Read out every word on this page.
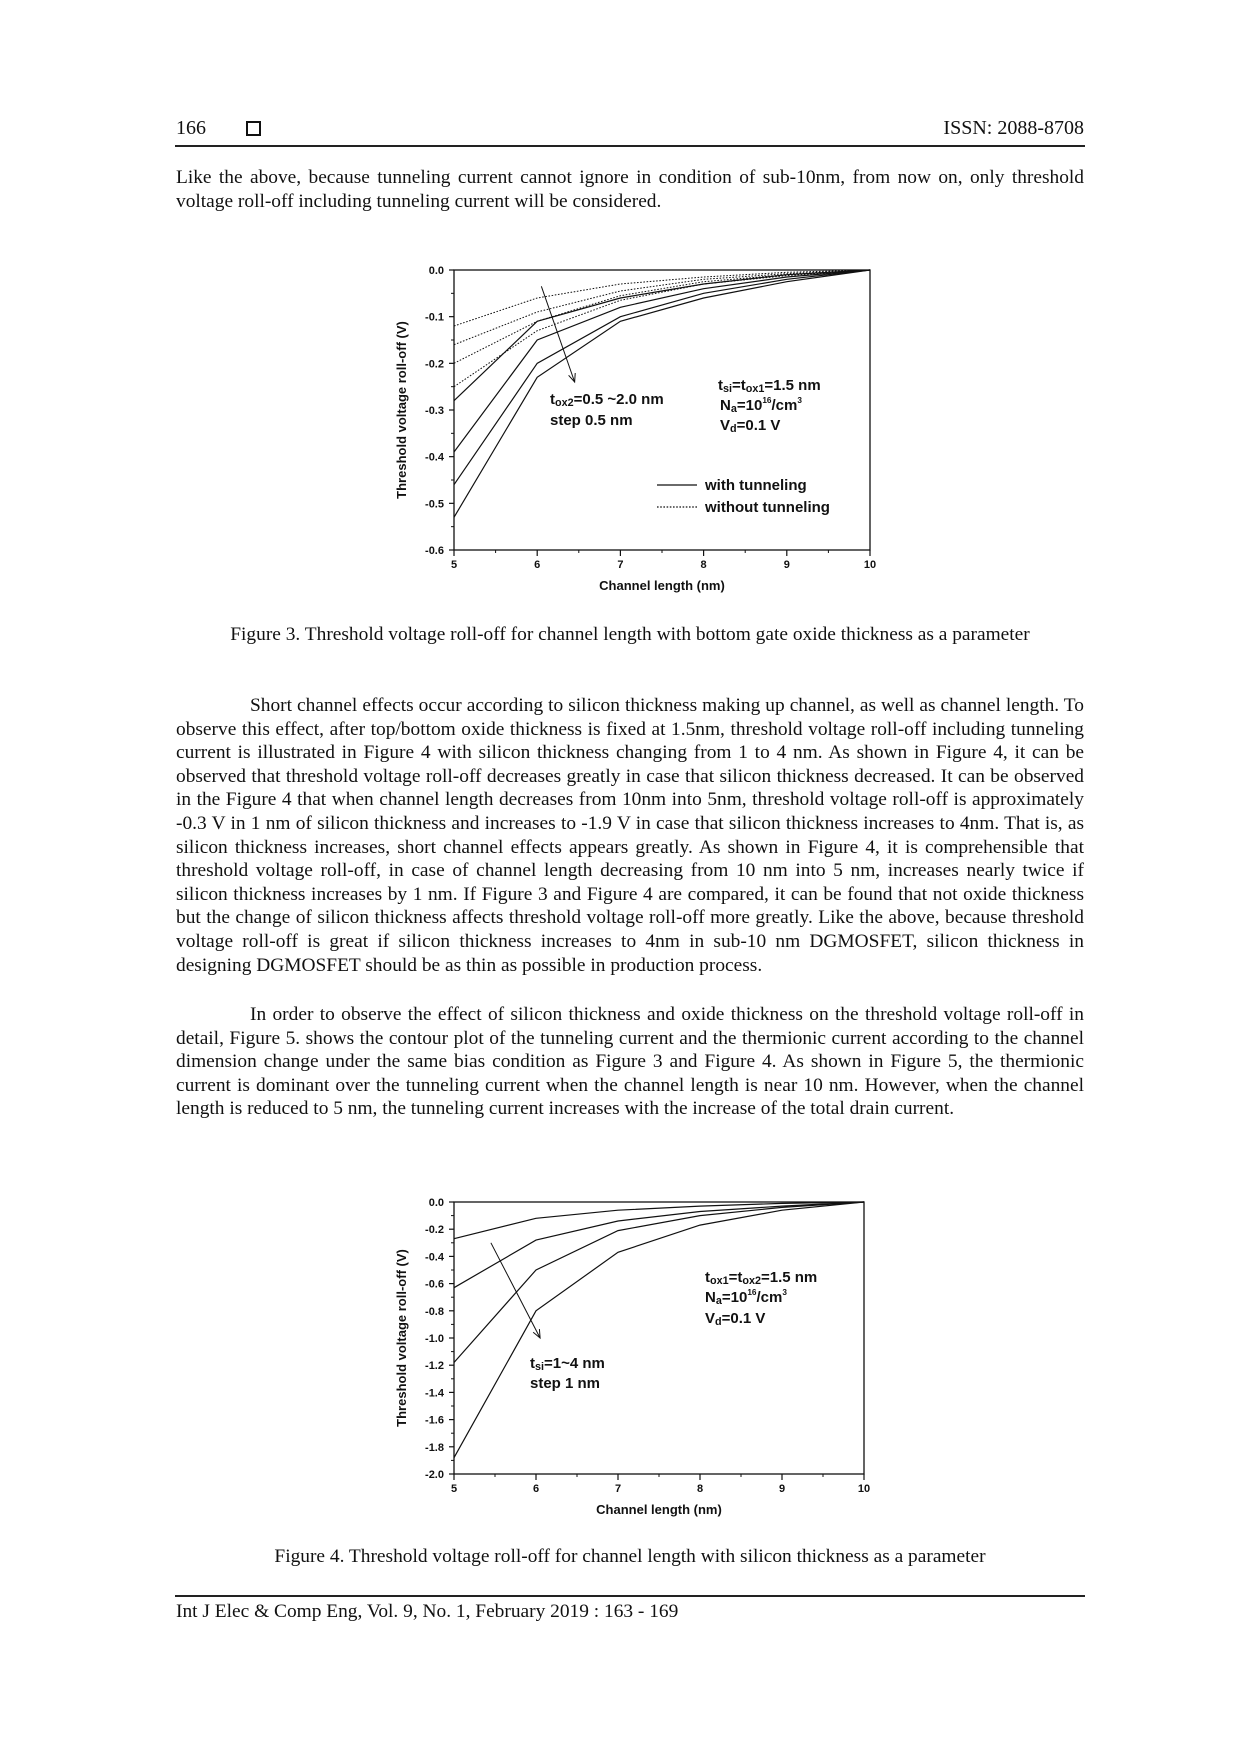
166	ISSN: 2088-8708

Like the above, because tunneling current cannot ignore in condition of sub-10nm, from now on, only threshold voltage roll-off including tunneling current will be considered.

5	6	7	8	9	10
0.0
-0.1
-0.2
-0.3
-0.4
-0.5
-0.6
Channel length (nm)
Threshold voltage roll-off (V)	tox2=0.5 ~2.0 nm
step 0.5 nm
tsi=tox1=1.5 nm
Na=1016/cm3
Vd=0.1 V
with tunneling
without tunneling
Figure 3. Threshold voltage roll-off for channel length with bottom gate oxide thickness as a parameter

Short channel effects occur according to silicon thickness making up channel, as well as channel length. To observe this effect, after top/bottom oxide thickness is fixed at 1.5nm, threshold voltage roll-off including tunneling current is illustrated in Figure 4 with silicon thickness changing from 1 to 4 nm. As shown in Figure 4, it can be observed that threshold voltage roll-off decreases greatly in case that silicon thickness decreased. It can be observed in the Figure 4 that when channel length decreases from 10nm into 5nm, threshold voltage roll-off is approximately -0.3 V in 1 nm of silicon thickness and increases to -1.9 V in case that silicon thickness increases to 4nm. That is, as silicon thickness increases, short channel effects appears greatly. As shown in Figure 4, it is comprehensible that threshold voltage roll-off, in case of channel length decreasing from 10 nm into 5 nm, increases nearly twice if silicon thickness increases by 1 nm. If Figure 3 and Figure 4 are compared, it can be found that not oxide thickness but the change of silicon thickness affects threshold voltage roll-off more greatly. Like the above, because threshold voltage roll-off is great if silicon thickness increases to 4nm in sub-10 nm DGMOSFET, silicon thickness in designing DGMOSFET should be as thin as possible in production process.

In order to observe the effect of silicon thickness and oxide thickness on the threshold voltage roll-off in detail, Figure 5. shows the contour plot of the tunneling current and the thermionic current according to the channel dimension change under the same bias condition as Figure 3 and Figure 4. As shown in Figure 5, the thermionic current is dominant over the tunneling current when the channel length is near 10 nm. However, when the channel length is reduced to 5 nm, the tunneling current increases with the increase of the total drain current.

5	6	7	8	9	10
0.0
-0.2
-0.4
-0.6
-0.8
-1.0
-1.2
-1.4
-1.6
-1.8
-2.0
Channel length (nm)
Threshold voltage roll-off (V)	tsi=1~4 nm
step 1 nm
tox1=tox2=1.5 nm
Na=1016/cm3
Vd=0.1 V
Figure 4. Threshold voltage roll-off for channel length with silicon thickness as a parameter
Int J Elec & Comp Eng, Vol. 9, No. 1, February 2019 : 163 - 169
